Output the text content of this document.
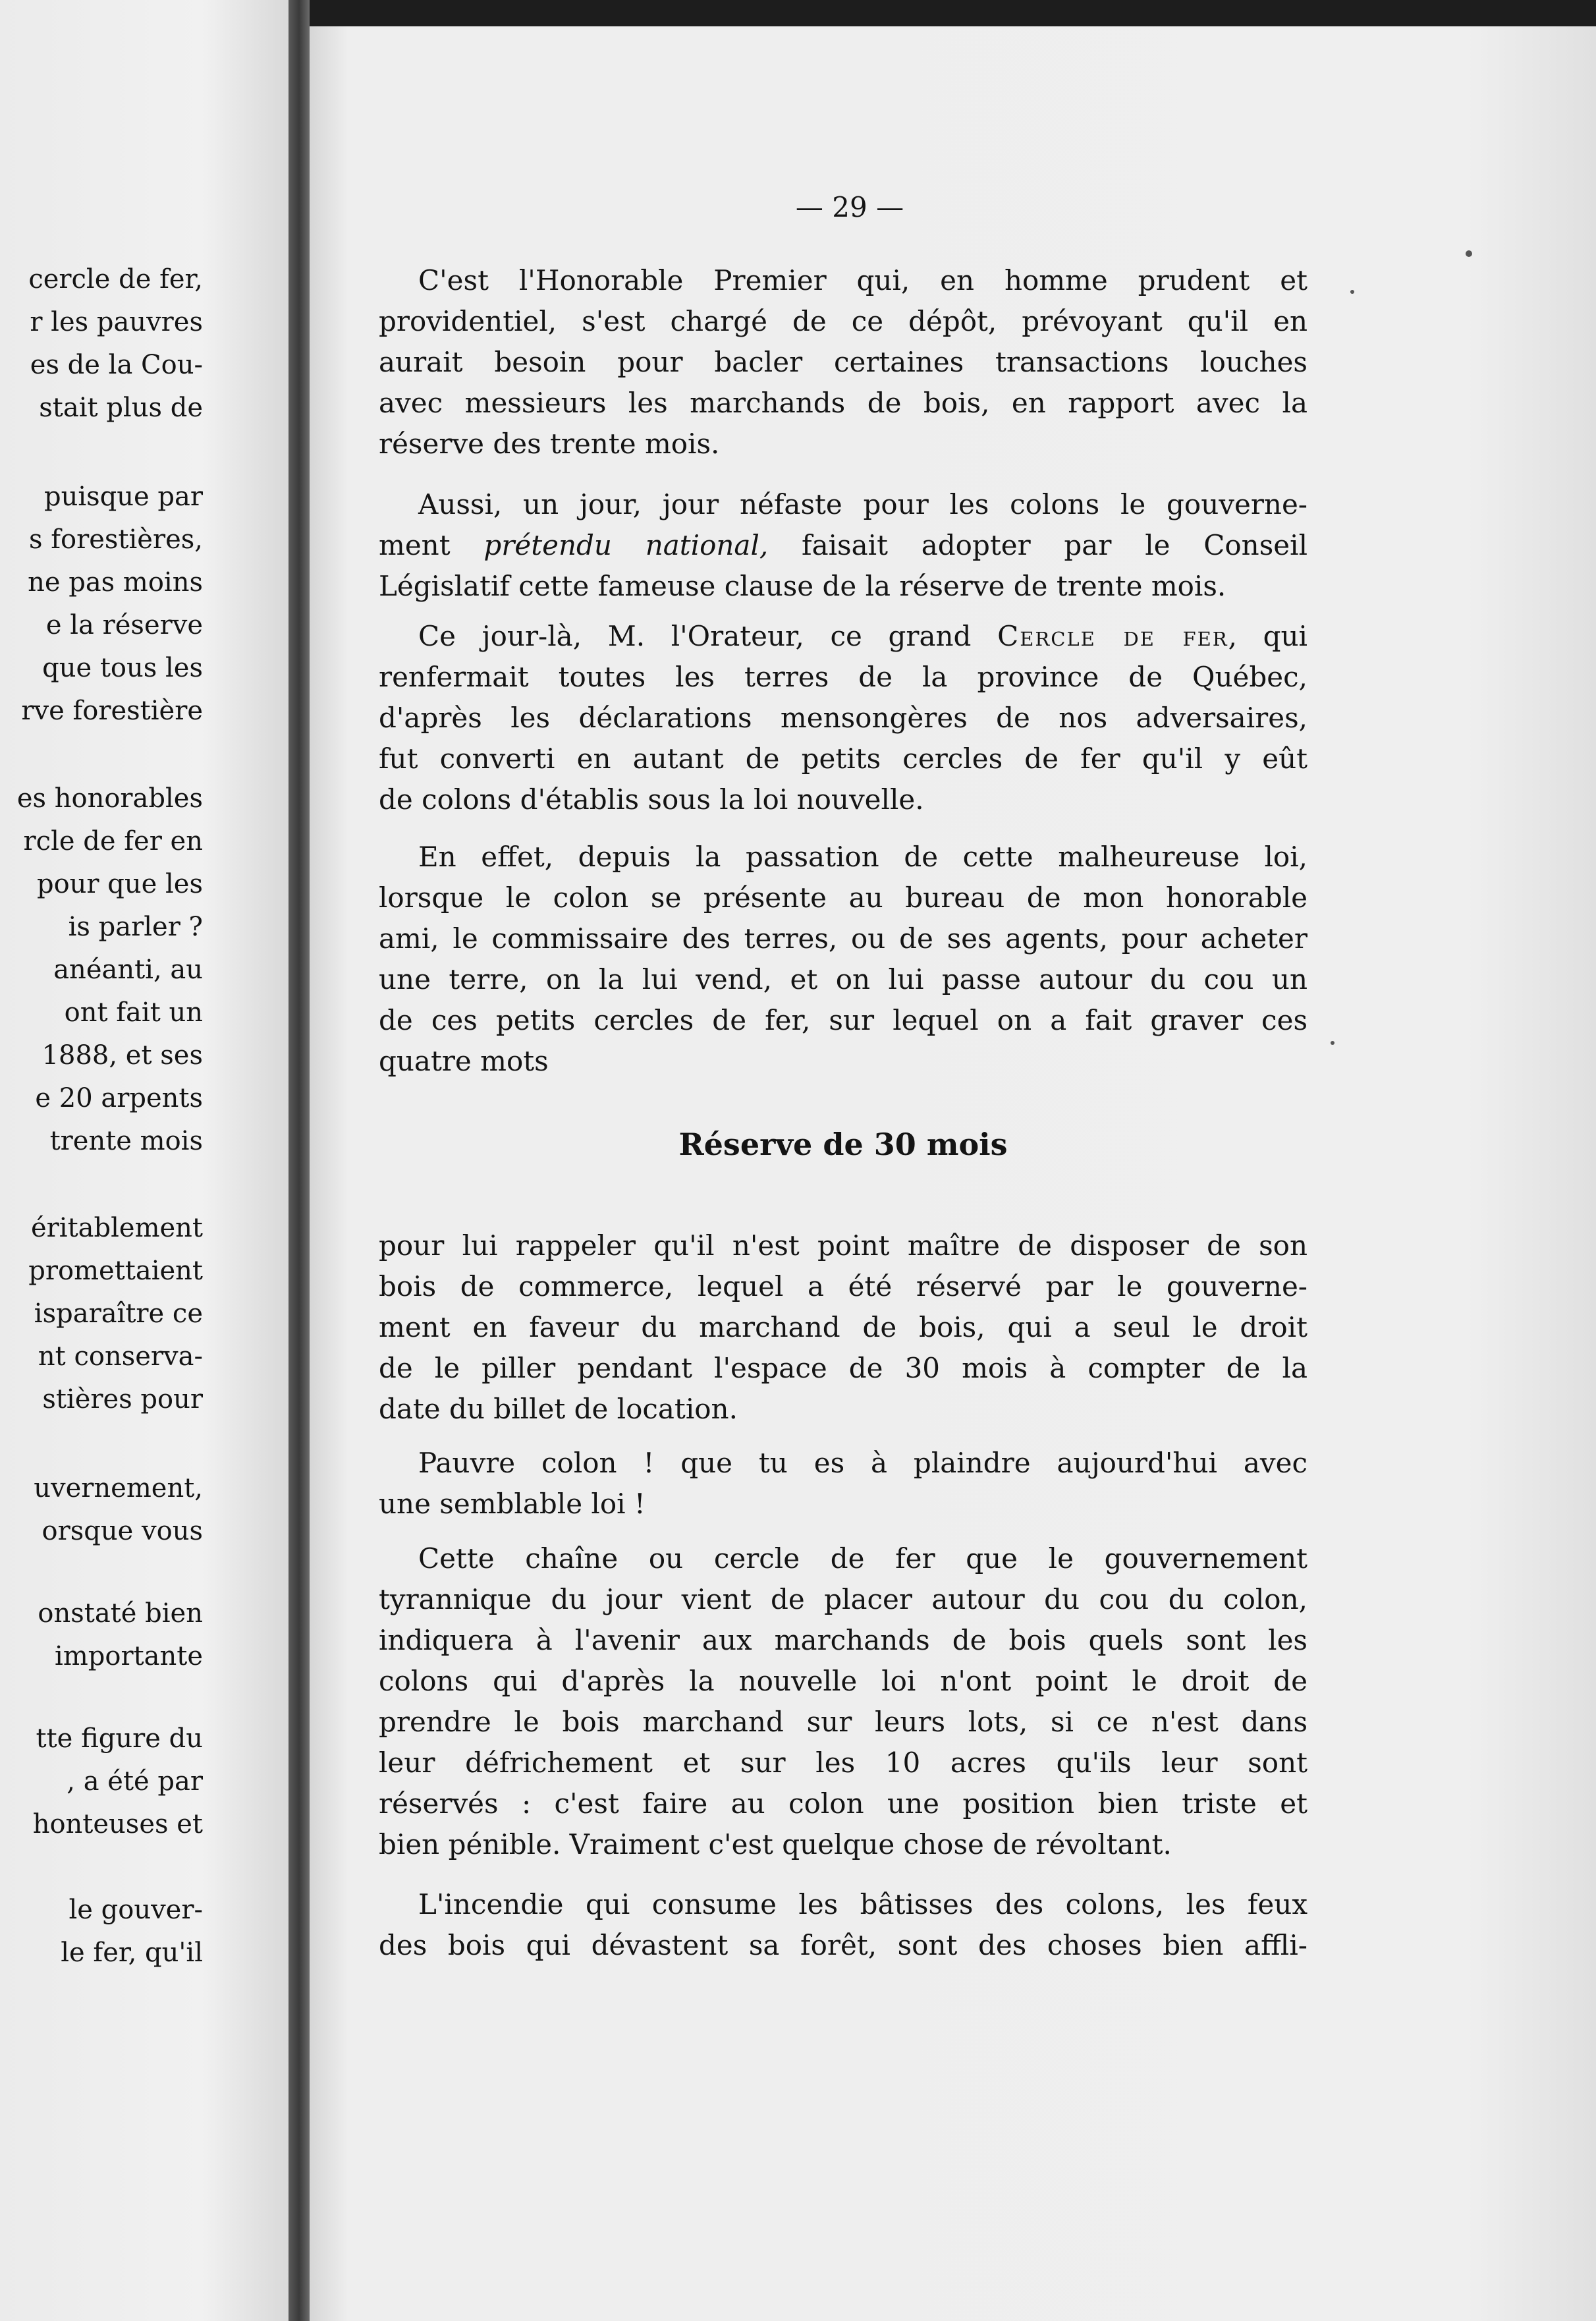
cercle de fer,

r les pauvres

es de la Cou-

stait plus de

puisque par

s forestières,

ne pas moins

e la réserve

que tous les

rve forestière

es honorables

rcle de fer en

pour que les

is parler ?

anéanti, au

ont fait un

1888, et ses

e 20 arpents

trente mois

éritablement

promettaient

isparaître ce

nt conserva-

stières pour

uvernement,

orsque vous

onstaté bien

importante

tte figure du

, a été par

honteuses et

le gouver-

le fer, qu'il

— 29 —

C'est l'Honorable Premier qui, en homme prudent et

providentiel, s'est chargé de ce dépôt, prévoyant qu'il en

aurait besoin pour bacler certaines transactions louches

avec messieurs les marchands de bois, en rapport avec la

réserve des trente mois.

Aussi, un jour, jour néfaste pour les colons le gouverne-

ment prétendu national, faisait adopter par le Conseil

Législatif cette fameuse clause de la réserve de trente mois.

Ce jour-là, M. l'Orateur, ce grand Cercle de fer, qui

renfermait toutes les terres de la province de Québec,

d'après les déclarations mensongères de nos adversaires,

fut converti en autant de petits cercles de fer qu'il y eût

de colons d'établis sous la loi nouvelle.

En effet, depuis la passation de cette malheureuse loi,

lorsque le colon se présente au bureau de mon honorable

ami, le commissaire des terres, ou de ses agents, pour acheter

une terre, on la lui vend, et on lui passe autour du cou un

de ces petits cercles de fer, sur lequel on a fait graver ces

quatre mots

Réserve de 30 mois

pour lui rappeler qu'il n'est point maître de disposer de son

bois de commerce, lequel a été réservé par le gouverne-

ment en faveur du marchand de bois, qui a seul le droit

de le piller pendant l'espace de 30 mois à compter de la

date du billet de location.

Pauvre colon ! que tu es à plaindre aujourd'hui avec

une semblable loi !

Cette chaîne ou cercle de fer que le gouvernement

tyrannique du jour vient de placer autour du cou du colon,

indiquera à l'avenir aux marchands de bois quels sont les

colons qui d'après la nouvelle loi n'ont point le droit de

prendre le bois marchand sur leurs lots, si ce n'est dans

leur défrichement et sur les 10 acres qu'ils leur sont

réservés : c'est faire au colon une position bien triste et

bien pénible. Vraiment c'est quelque chose de révoltant.

L'incendie qui consume les bâtisses des colons, les feux

des bois qui dévastent sa forêt, sont des choses bien affli-
